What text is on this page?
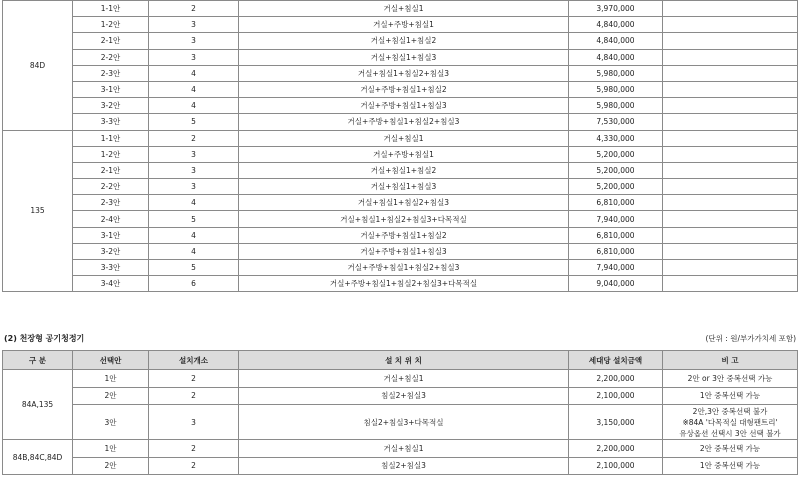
84D	1-1안	2	거실+침실1	3,970,000	
	1-2안	3	거실+주방+침실1	4,840,000	
	2-1안	3	거실+침실1+침실2	4,840,000	
	2-2안	3	거실+침실1+침실3	4,840,000	
	2-3안	4	거실+침실1+침실2+침실3	5,980,000	
	3-1안	4	거실+주방+침실1+침실2	5,980,000	
	3-2안	4	거실+주방+침실1+침실3	5,980,000	
	3-3안	5	거실+주방+침실1+침실2+침실3	7,530,000	
135	1-1안	2	거실+침실1	4,330,000	
	1-2안	3	거실+주방+침실1	5,200,000	
	2-1안	3	거실+침실1+침실2	5,200,000	
	2-2안	3	거실+침실1+침실3	5,200,000	
	2-3안	4	거실+침실1+침실2+침실3	6,810,000	
	2-4안	5	거실+침실1+침실2+침실3+다목적실	7,940,000	
	3-1안	4	거실+주방+침실1+침실2	6,810,000	
	3-2안	4	거실+주방+침실1+침실3	6,810,000	
	3-3안	5	거실+주방+침실1+침실2+침실3	7,940,000	
	3-4안	6	거실+주방+침실1+침실2+침실3+다목적실	9,040,000	
(2) 천장형 공기청정기	(단위 : 원/부가가치세 포함)
구 분	선택안	설치개소	설 치 위 치	세대당 설치금액	비 고
84A,135	1안	2	거실+침실1	2,200,000	2안 or 3안 중복선택 가능
	2안	2	침실2+침실3	2,100,000	1안 중복선택 가능
	3안	3	침실2+침실3+다목적실	3,150,000	2안,3안 중복선택 불가
※84A '다목적실 대형팬트리'
유상옵션 선택시 3안 선택 불가

84B,84C,84D	1안	2	거실+침실1	2,200,000	2안 중복선택 가능
	2안	2	침실2+침실3	2,100,000	1안 중복선택 가능
